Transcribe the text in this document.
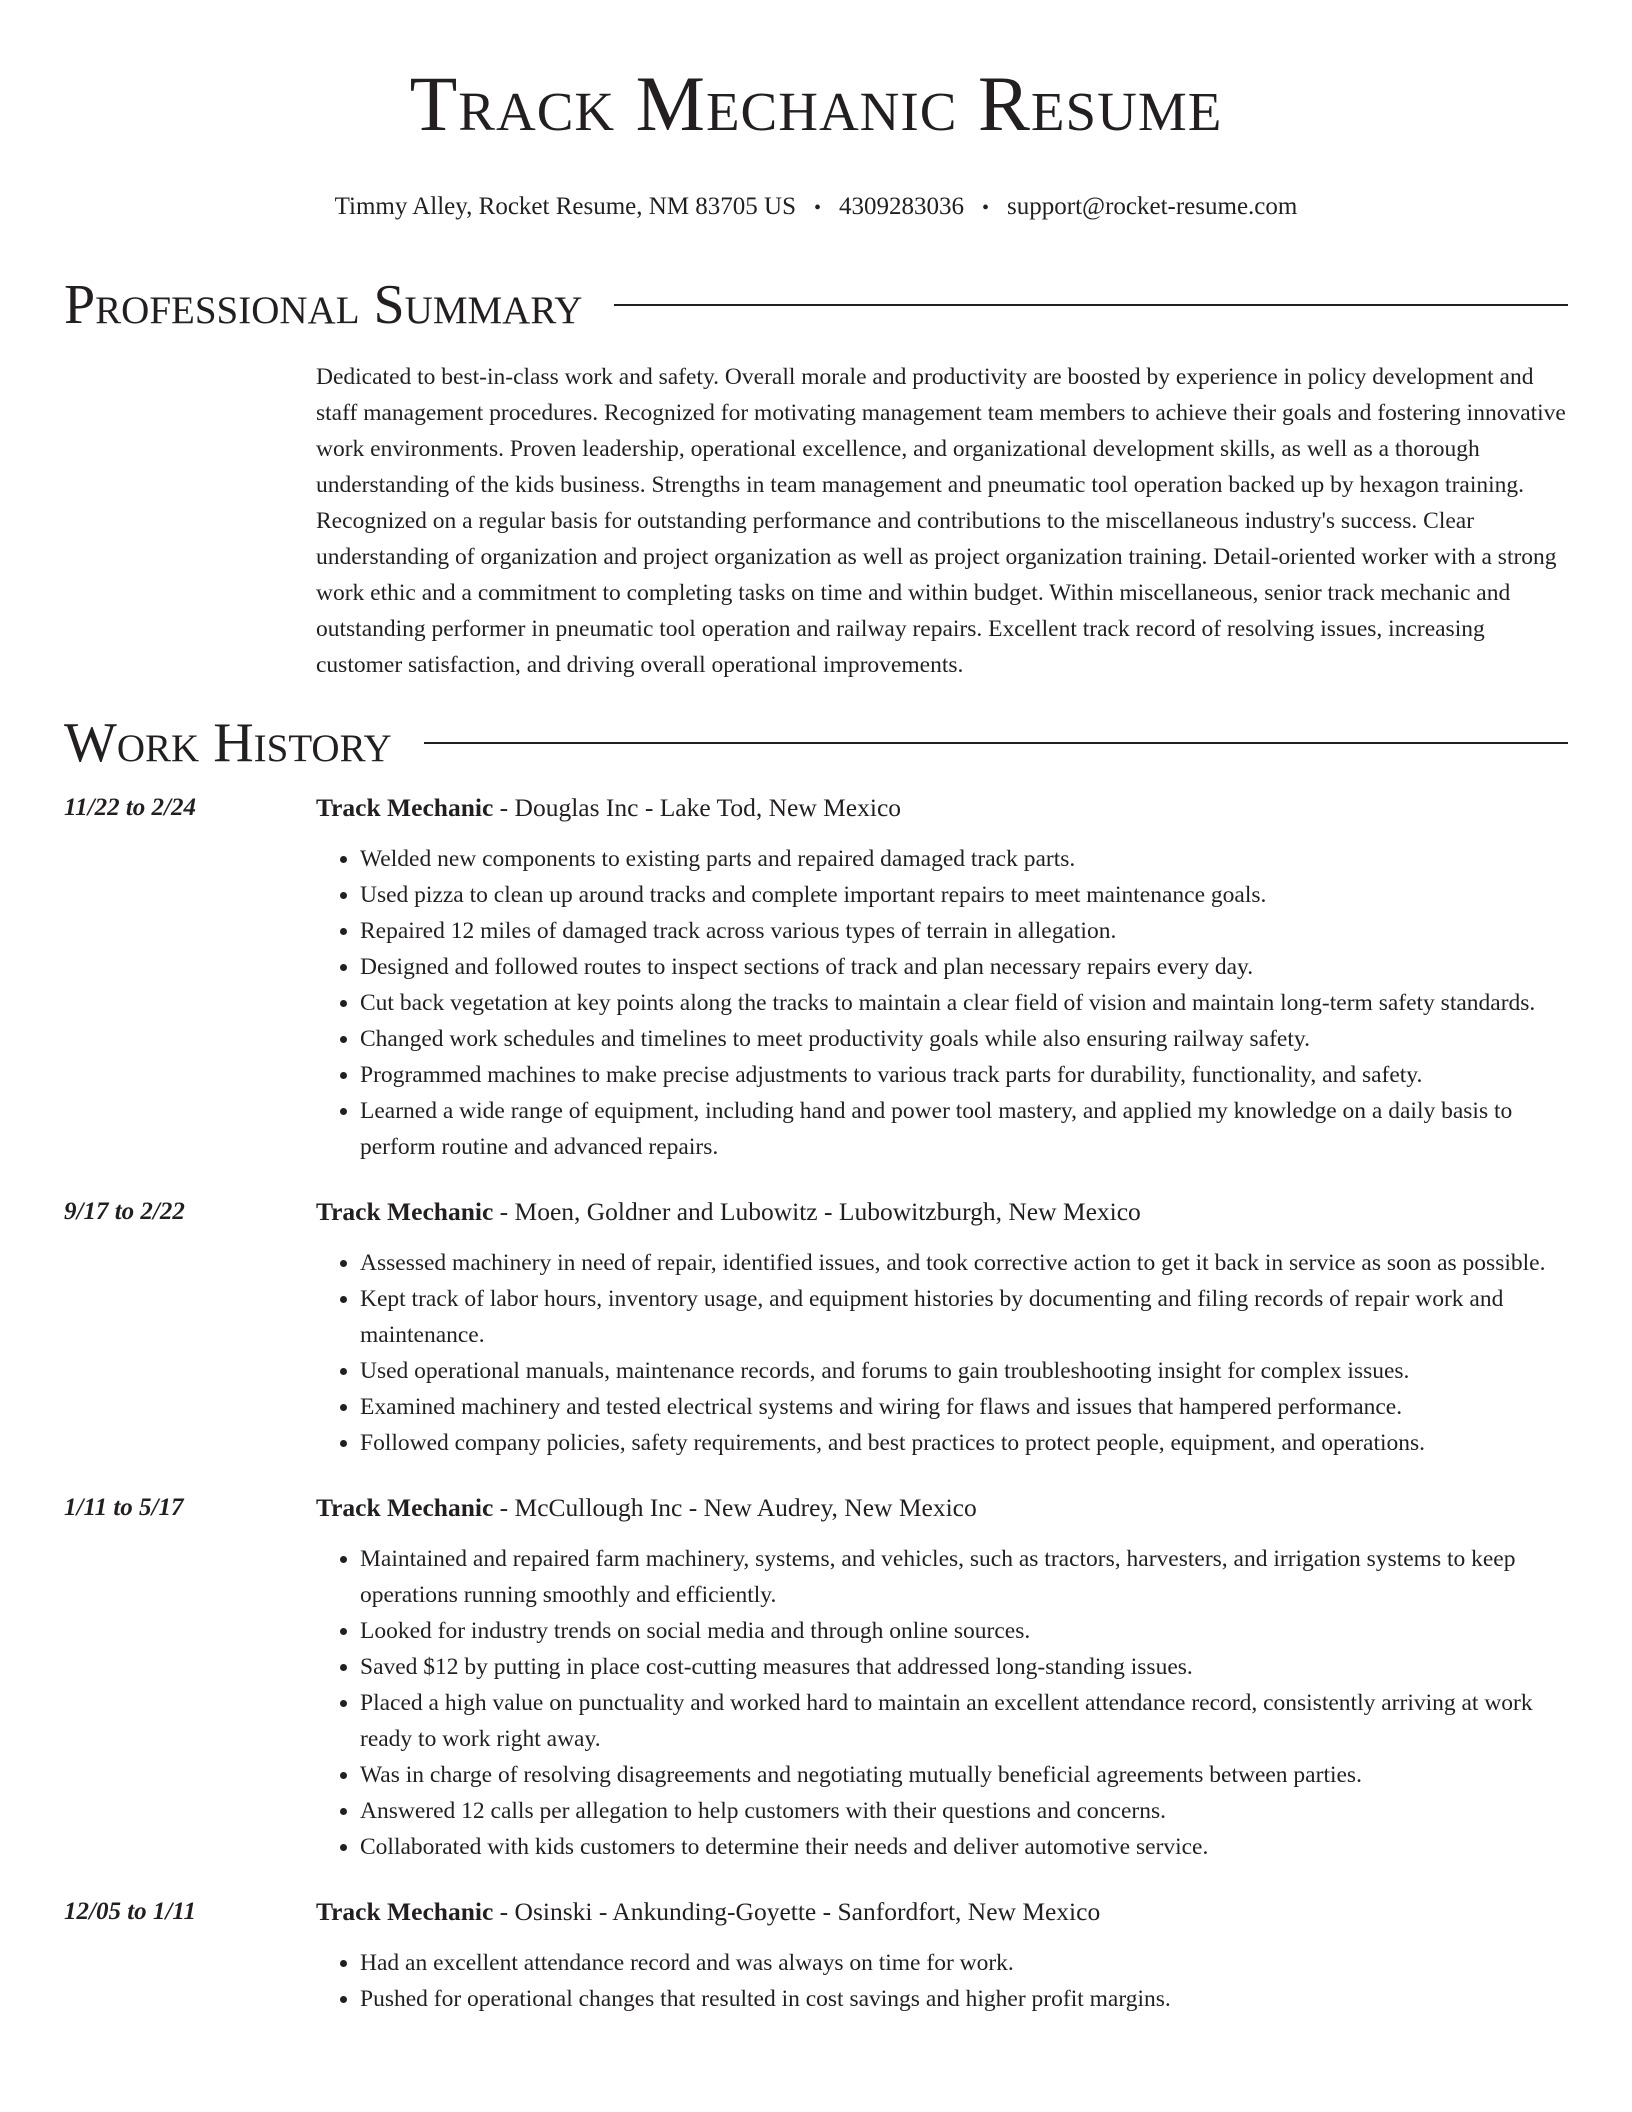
Track Mechanic Resume
Timmy Alley, Rocket Resume, NM 83705 US • 4309283036 • support@rocket-resume.com
Professional Summary
Dedicated to best-in-class work and safety. Overall morale and productivity are boosted by experience in policy development and staff management procedures. Recognized for motivating management team members to achieve their goals and fostering innovative work environments. Proven leadership, operational excellence, and organizational development skills, as well as a thorough understanding of the kids business. Strengths in team management and pneumatic tool operation backed up by hexagon training. Recognized on a regular basis for outstanding performance and contributions to the miscellaneous industry's success. Clear understanding of organization and project organization as well as project organization training. Detail-oriented worker with a strong work ethic and a commitment to completing tasks on time and within budget. Within miscellaneous, senior track mechanic and outstanding performer in pneumatic tool operation and railway repairs. Excellent track record of resolving issues, increasing customer satisfaction, and driving overall operational improvements.
Work History
11/22 to 2/24	Track Mechanic - Douglas Inc - Lake Tod, New Mexico
• Welded new components to existing parts and repaired damaged track parts.
• Used pizza to clean up around tracks and complete important repairs to meet maintenance goals.
• Repaired 12 miles of damaged track across various types of terrain in allegation.
• Designed and followed routes to inspect sections of track and plan necessary repairs every day.
• Cut back vegetation at key points along the tracks to maintain a clear field of vision and maintain long-term safety standards.
• Changed work schedules and timelines to meet productivity goals while also ensuring railway safety.
• Programmed machines to make precise adjustments to various track parts for durability, functionality, and safety.
• Learned a wide range of equipment, including hand and power tool mastery, and applied my knowledge on a daily basis to perform routine and advanced repairs.
9/17 to 2/22	Track Mechanic - Moen, Goldner and Lubowitz - Lubowitzburgh, New Mexico
• Assessed machinery in need of repair, identified issues, and took corrective action to get it back in service as soon as possible.
• Kept track of labor hours, inventory usage, and equipment histories by documenting and filing records of repair work and maintenance.
• Used operational manuals, maintenance records, and forums to gain troubleshooting insight for complex issues.
• Examined machinery and tested electrical systems and wiring for flaws and issues that hampered performance.
• Followed company policies, safety requirements, and best practices to protect people, equipment, and operations.
1/11 to 5/17	Track Mechanic - McCullough Inc - New Audrey, New Mexico
• Maintained and repaired farm machinery, systems, and vehicles, such as tractors, harvesters, and irrigation systems to keep operations running smoothly and efficiently.
• Looked for industry trends on social media and through online sources.
• Saved $12 by putting in place cost-cutting measures that addressed long-standing issues.
• Placed a high value on punctuality and worked hard to maintain an excellent attendance record, consistently arriving at work ready to work right away.
• Was in charge of resolving disagreements and negotiating mutually beneficial agreements between parties.
• Answered 12 calls per allegation to help customers with their questions and concerns.
• Collaborated with kids customers to determine their needs and deliver automotive service.
12/05 to 1/11	Track Mechanic - Osinski - Ankunding-Goyette - Sanfordfort, New Mexico
• Had an excellent attendance record and was always on time for work.
• Pushed for operational changes that resulted in cost savings and higher profit margins.
